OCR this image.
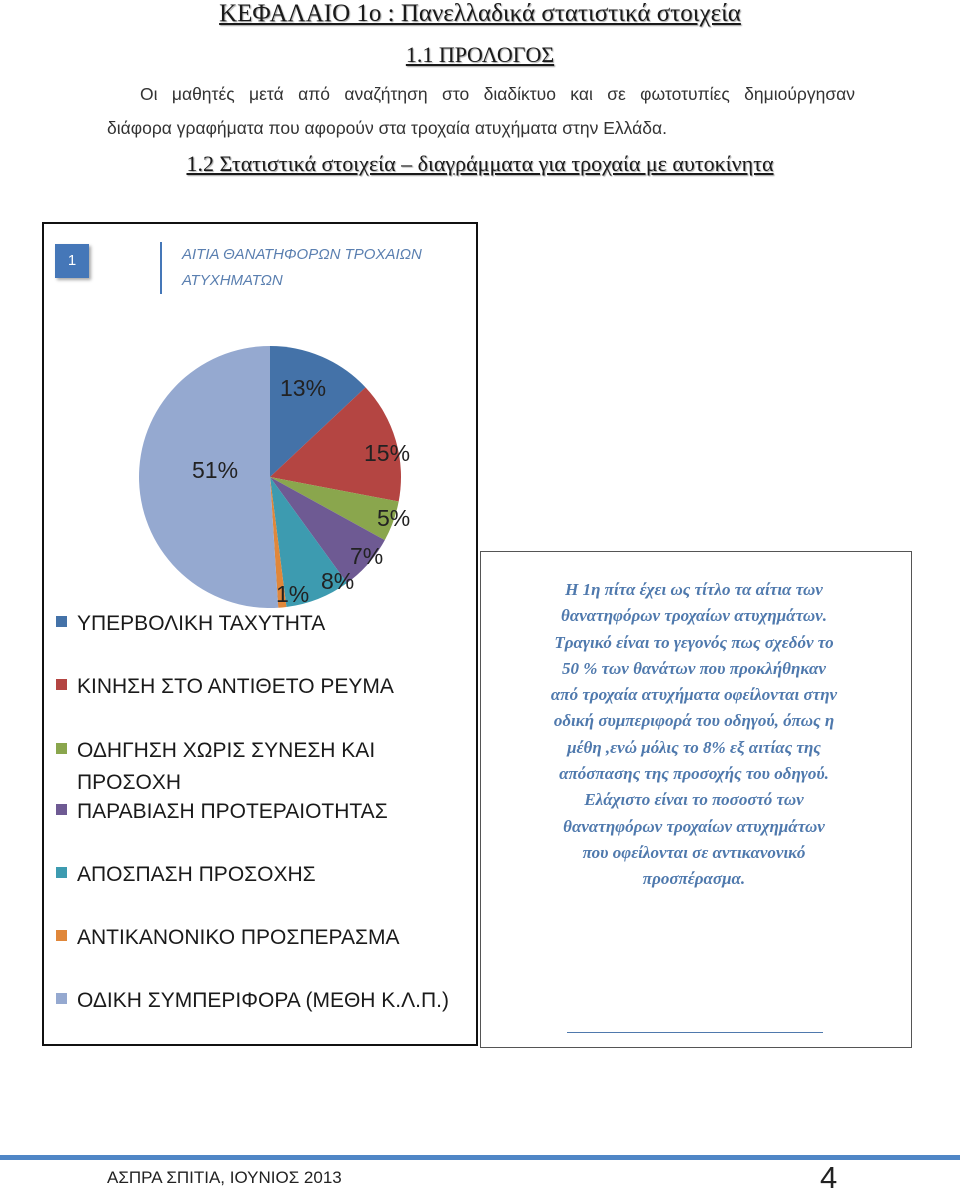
ΚΕΦΑΛΑΙΟ 1ο : Πανελλαδικά στατιστικά στοιχεία
1.1 ΠΡΟΛΟΓΟΣ
Οι μαθητές μετά από αναζήτηση στο διαδίκτυο και σε φωτοτυπίες δημιούργησαν
διάφορα γραφήματα που αφορούν στα τροχαία ατυχήματα στην Ελλάδα.
1.2 Στατιστικά στοιχεία – διαγράμματα για τροχαία με αυτοκίνητα
1	ΑΙΤΙΑ ΘΑΝΑΤΗΦΟΡΩΝ ΤΡΟΧΑΙΩΝ ΑΤΥΧΗΜΑΤΩΝ
13%
15%
5%
7%
8%
1%
51%
ΥΠΕΡΒΟΛΙΚΗ ΤΑΧΥΤΗΤΑ
ΚΙΝΗΣΗ ΣΤΟ ΑΝΤΙΘΕΤΟ ΡΕΥΜΑ
ΟΔΗΓΗΣΗ ΧΩΡΙΣ ΣΥΝΕΣΗ ΚΑΙ ΠΡΟΣΟΧΗ
ΠΑΡΑΒΙΑΣΗ ΠΡΟΤΕΡΑΙΟΤΗΤΑΣ
ΑΠΟΣΠΑΣΗ ΠΡΟΣΟΧΗΣ
ΑΝΤΙΚΑΝΟΝΙΚΟ ΠΡΟΣΠΕΡΑΣΜΑ
ΟΔΙΚΗ ΣΥΜΠΕΡΙΦΟΡΑ (ΜΕΘΗ Κ.Λ.Π.)
Η 1η πίτα έχει ως τίτλο τα αίτια των θανατηφόρων τροχαίων ατυχημάτων. Τραγικό είναι το γεγονός πως σχεδόν το 50 % των θανάτων που προκλήθηκαν από τροχαία ατυχήματα οφείλονται στην οδική συμπεριφορά του οδηγού, όπως η μέθη ,ενώ μόλις το 8% εξ αιτίας της απόσπασης της προσοχής του οδηγού. Ελάχιστο είναι το ποσοστό των θανατηφόρων τροχαίων ατυχημάτων που οφείλονται σε αντικανονικό προσπέρασμα.
ΑΣΠΡΑ ΣΠΙΤΙΑ, ΙΟΥΝΙΟΣ 2013	4
